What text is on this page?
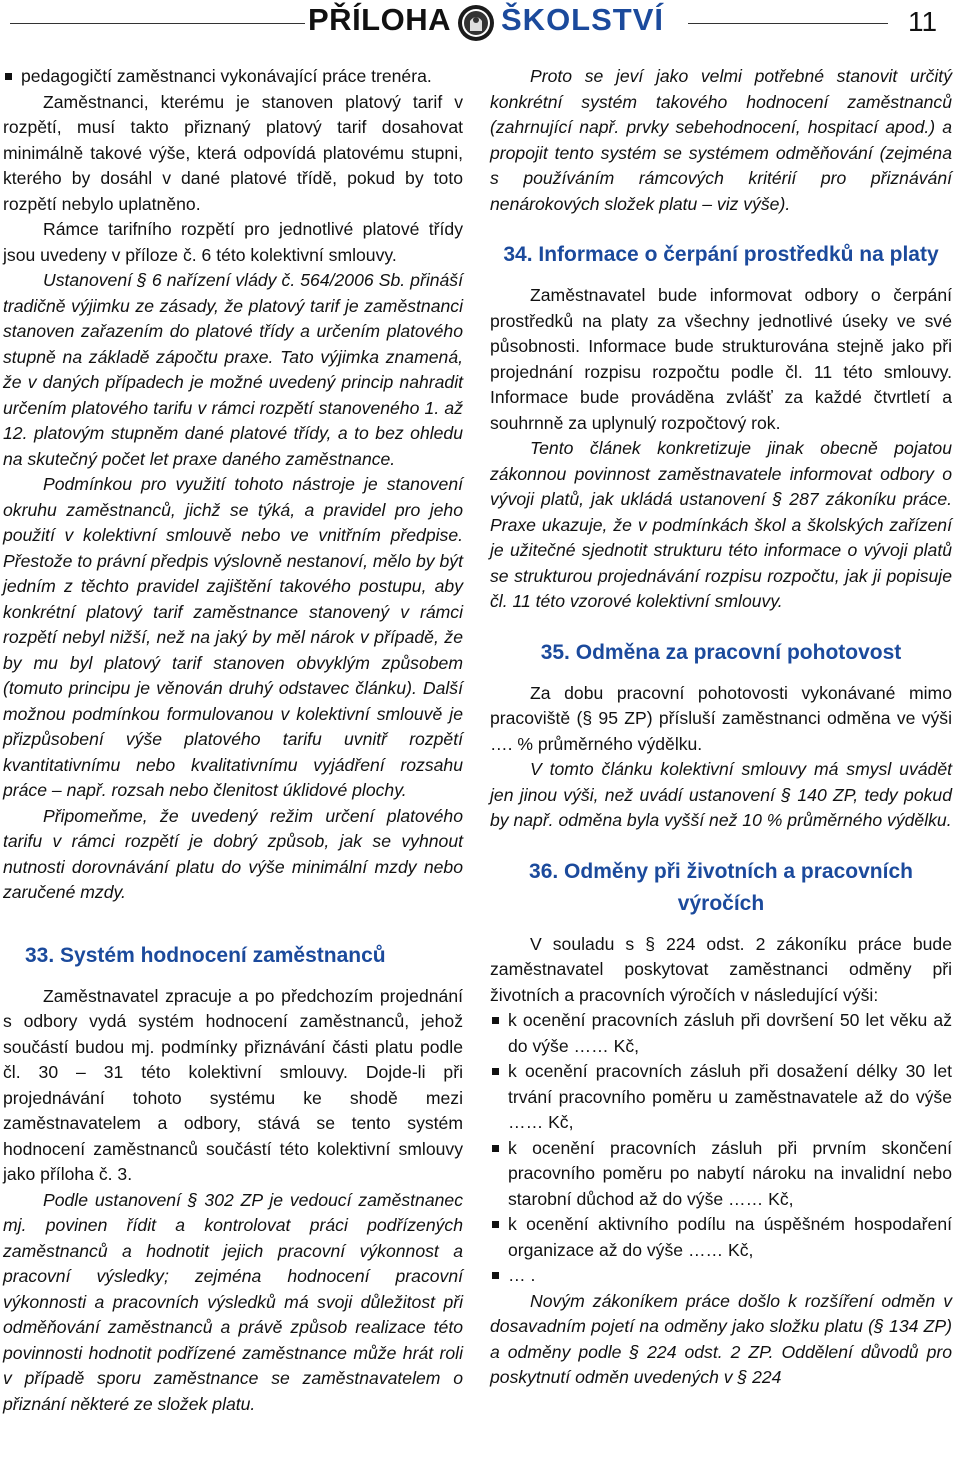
PŘÍLOHA ŠKOLSTVÍ	11
pedagogičtí zaměstnanci vykonávající práce trenéra.

Zaměstnanci, kterému je stanoven platový tarif v rozpětí, musí takto přiznaný platový tarif dosahovat minimálně takové výše, která odpovídá platovému stupni, kterého by dosáhl v dané platové třídě, pokud by toto rozpětí nebylo uplatněno.

Rámce tarifního rozpětí pro jednotlivé platové třídy jsou uvedeny v příloze č. 6 této kolektivní smlouvy.

Ustanovení § 6 nařízení vlády č. 564/2006 Sb. přináší tradičně výjimku ze zásady, že platový tarif je zaměstnanci stanoven zařazením do platové třídy a určením platového stupně na základě zápočtu praxe. Tato výjimka znamená, že v daných případech je možné uvedený princip nahradit určením platového tarifu v rámci rozpětí stanoveného 1. až 12. platovým stupněm dané platové třídy, a to bez ohledu na skutečný počet let praxe daného zaměstnance.

Podmínkou pro využití tohoto nástroje je stanovení okruhu zaměstnanců, jichž se týká, a pravidel pro jeho použití v kolektivní smlouvě nebo ve vnitřním předpise. Přestože to právní předpis výslovně nestanoví, mělo by být jedním z těchto pravidel zajištění takového postupu, aby konkrétní platový tarif zaměstnance stanovený v rámci rozpětí nebyl nižší, než na jaký by měl nárok v případě, že by mu byl platový tarif stanoven obvyklým způsobem (tomuto principu je věnován druhý odstavec článku). Další možnou podmínkou formulovanou v kolektivní smlouvě je přizpůsobení výše platového tarifu uvnitř rozpětí kvantitativnímu nebo kvalitativnímu vyjádření rozsahu práce – např. rozsah nebo členitost úklidové plochy.

Připomeňme, že uvedený režim určení platového tarifu v rámci rozpětí je dobrý způsob, jak se vyhnout nutnosti dorovnávání platu do výše minimální mzdy nebo zaručené mzdy.

33. Systém hodnocení zaměstnanců

Zaměstnavatel zpracuje a po předchozím projednání s odbory vydá systém hodnocení zaměstnanců, jehož součástí budou mj. podmínky přiznávání části platu podle čl. 30 – 31 této kolektivní smlouvy. Dojde-li při projednávání tohoto systému ke shodě mezi zaměstnavatelem a odbory, stává se tento systém hodnocení zaměstnanců součástí této kolektivní smlouvy jako příloha č. 3.

Podle ustanovení § 302 ZP je vedoucí zaměstnanec mj. povinen řídit a kontrolovat práci podřízených zaměstnanců a hodnotit jejich pracovní výkonnost a pracovní výsledky; zejména hodnocení pracovní výkonnosti a pracovních výsledků má svoji důležitost při odměňování zaměstnanců a právě způsob realizace této povinnosti hodnotit podřízené zaměstnance může hrát roli v případě sporu zaměstnance se zaměstnavatelem o přiznání některé ze složek platu.

Proto se jeví jako velmi potřebné stanovit určitý konkrétní systém takového hodnocení zaměstnanců (zahrnující např. prvky sebehodnocení, hospitací apod.) a propojit tento systém se systémem odměňování (zejména s používáním rámcových kritérií pro přiznávání nenárokových složek platu – viz výše).

34. Informace o čerpání prostředků na platy

Zaměstnavatel bude informovat odbory o čerpání prostředků na platy za všechny jednotlivé úseky ve své působnosti. Informace bude strukturována stejně jako při projednání rozpisu rozpočtu podle čl. 11 této smlouvy. Informace bude prováděna zvlášť za každé čtvrtletí a souhrnně za uplynulý rozpočtový rok.

Tento článek konkretizuje jinak obecně pojatou zákonnou povinnost zaměstnavatele informovat odbory o vývoji platů, jak ukládá ustanovení § 287 zákoníku práce. Praxe ukazuje, že v podmínkách škol a školských zařízení je užitečné sjednotit strukturu této informace o vývoji platů se strukturou projednávání rozpisu rozpočtu, jak ji popisuje čl. 11 této vzorové kolektivní smlouvy.

35. Odměna za pracovní pohotovost

Za dobu pracovní pohotovosti vykonávané mimo pracoviště (§ 95 ZP) přísluší zaměstnanci odměna ve výši …. % průměrného výdělku.

V tomto článku kolektivní smlouvy má smysl uvádět jen jinou výši, než uvádí ustanovení § 140 ZP, tedy pokud by např. odměna byla vyšší než 10 % průměrného výdělku.

36. Odměny při životních a pracovních výročích

V souladu s § 224 odst. 2 zákoníku práce bude zaměstnavatel poskytovat zaměstnanci odměny při životních a pracovních výročích v následující výši:

k ocenění pracovních zásluh při dovršení 50 let věku až do výše …… Kč,
k ocenění pracovních zásluh při dosažení délky 30 let trvání pracovního poměru u zaměstnavatele až do výše …… Kč,
k ocenění pracovních zásluh při prvním skončení pracovního poměru po nabytí nároku na invalidní nebo starobní důchod až do výše …… Kč,
k ocenění aktivního podílu na úspěšném hospodaření organizace až do výše …… Kč,
… .

Novým zákoníkem práce došlo k rozšíření odměn v dosavadním pojetí na odměny jako složku platu (§ 134 ZP) a odměny podle § 224 odst. 2 ZP. Oddělení důvodů pro poskytnutí odměn uvedených v § 224
